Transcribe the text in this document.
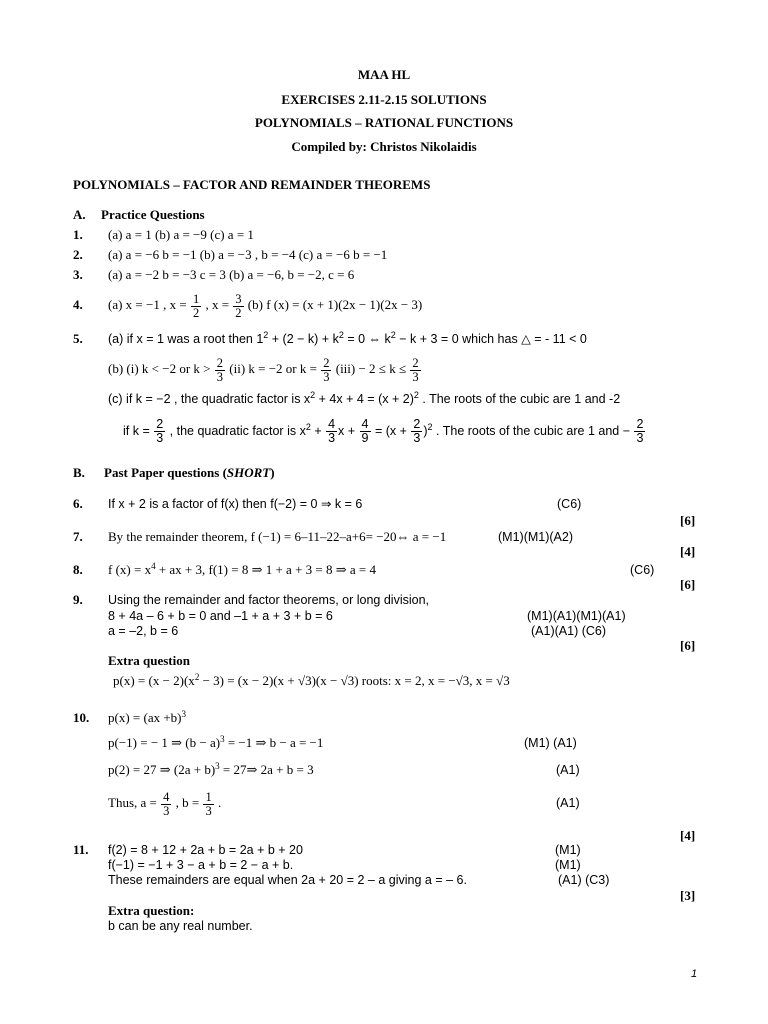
MAA HL
EXERCISES 2.11-2.15 SOLUTIONS
POLYNOMIALS – RATIONAL FUNCTIONS
Compiled by: Christos Nikolaidis
POLYNOMIALS – FACTOR AND REMAINDER THEOREMS
A. Practice Questions
1. (a) a = 1 (b) a = −9 (c) a = 1
2. (a) a = −6 b = −1 (b) a = −3 , b = −4 (c) a = −6 b = −1
3. (a) a = −2 b = −3 c = 3 (b) a = −6, b = −2, c = 6
4. (a) x = −1 , $x = \frac{1}{2}$ , $x = \frac{3}{2} (b)$ f (x) = (x + 1)(2x − 1)(2x − 3)
5. (a) if x = 1 was a root then $1^2 + (2 - k) + k^2 = 0$ ⇔ $k^2 - k + 3 = 0$ which has △ = - 11 < 0
(b) (i) k < −2 or $k > \frac{2}{3} (ii) k = -2$ or $k = \frac{2}{3} (iii) - 2 \le k \le \frac{2}{3}$
(c) if k = −2 , the quadratic factor is $x^2 + 4x + 4 = (x + 2)^2$ . The roots of the cubic are 1 and -2
if $k = \frac{2}{3}$ , the quadratic factor is $x^2 + \frac{4}{3}$ $x + \frac{4}{9} = (x + \frac{2}{3} )^2$ . The roots of the cubic are 1 and − $\frac{2}{3}$
B. Past Paper questions (SHORT)
6. If x + 2 is a factor of f(x) then f(−2) = 0 ⇒ k = 6	(C6)
[6]
7. By the remainder theorem, f (−1) = 6–11–22–a+6= −20⇔ a = −1	(M1)(M1)(A2)
[4]
8. f $(x) = x^4$ + ax + 3, f(1) = 8 ⇒ 1 + a + 3 = 8 ⇒ a = 4	(C6)
[6]
9. Using the remainder and factor theorems, or long division,
8 + 4a – 6 + b = 0 and –1 + a + 3 + b = 6	(M1)(A1)(M1)(A1)
a = –2, b = 6	(A1)(A1) (C6)
[6]
Extra question
$p(x) = (x - 2)(x^2 - 3) = (x - 2)(x + √3)(x - √3)$ roots: x = 2, x = −√3, x = √3
10. p(x) = (ax +b)$^3$
p(−1) = − 1 ⇒ $(b - a)^3 = -1$ ⇒ b − a = −1	(M1) (A1)
p(2) = 27 ⇒ $(2a + b)^3$ = 27⇒ 2a + b = 3	(A1)
Thus, $a = \frac{4}{3}$ , $b = \frac{1}{3}$ .	(A1)
[4]
11. f(2) = 8 + 12 + 2a + b = 2a + b + 20	(M1)
f(−1) = −1 + 3 − a + b = 2 − a + b.	(M1)
These remainders are equal when 2a + 20 = 2 – a giving a = – 6.	(A1) (C3)
[3]
Extra question:
b can be any real number.
1
